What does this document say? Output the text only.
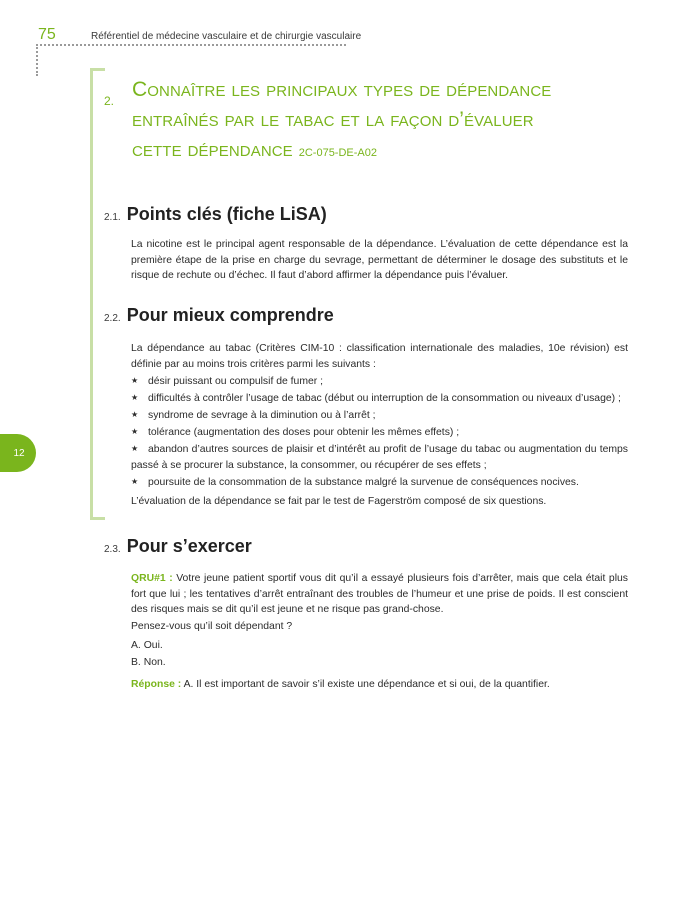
75	Référentiel de médecine vasculaire et de chirurgie vasculaire
12
2. Connaître les principaux types de dépendance
entraînés par le tabac et la façon d’évaluer
cette dépendance 2C-075-DE-A02
2.1. Points clés (fiche LiSA)
La nicotine est le principal agent responsable de la dépendance. L’évaluation de cette dépendance est la première étape de la prise en charge du sevrage, permettant de déterminer le dosage des substituts et le risque de rechute ou d’échec. Il faut d’abord affirmer la dépendance puis l’évaluer.
2.2. Pour mieux comprendre
La dépendance au tabac (Critères CIM-10 : classification internationale des maladies, 10e révision) est définie par au moins trois critères parmi les suivants :
★ désir puissant ou compulsif de fumer ;
★ difficultés à contrôler l’usage de tabac (début ou interruption de la consommation ou niveaux d’usage) ;
★ syndrome de sevrage à la diminution ou à l’arrêt ;
★ tolérance (augmentation des doses pour obtenir les mêmes effets) ;
★ abandon d’autres sources de plaisir et d’intérêt au profit de l’usage du tabac ou augmentation du temps passé à se procurer la substance, la consommer, ou récupérer de ses effets ;
★ poursuite de la consommation de la substance malgré la survenue de conséquences nocives.
L’évaluation de la dépendance se fait par le test de Fagerström composé de six questions.
2.3. Pour s’exercer
QRU#1 : Votre jeune patient sportif vous dit qu’il a essayé plusieurs fois d’arrêter, mais que cela était plus fort que lui ; les tentatives d’arrêt entraînant des troubles de l’humeur et une prise de poids. Il est conscient des risques mais se dit qu’il est jeune et ne risque pas grand-chose.
Pensez-vous qu’il soit dépendant ?
A. Oui.
B. Non.
Réponse : A. Il est important de savoir s’il existe une dépendance et si oui, de la quantifier.
